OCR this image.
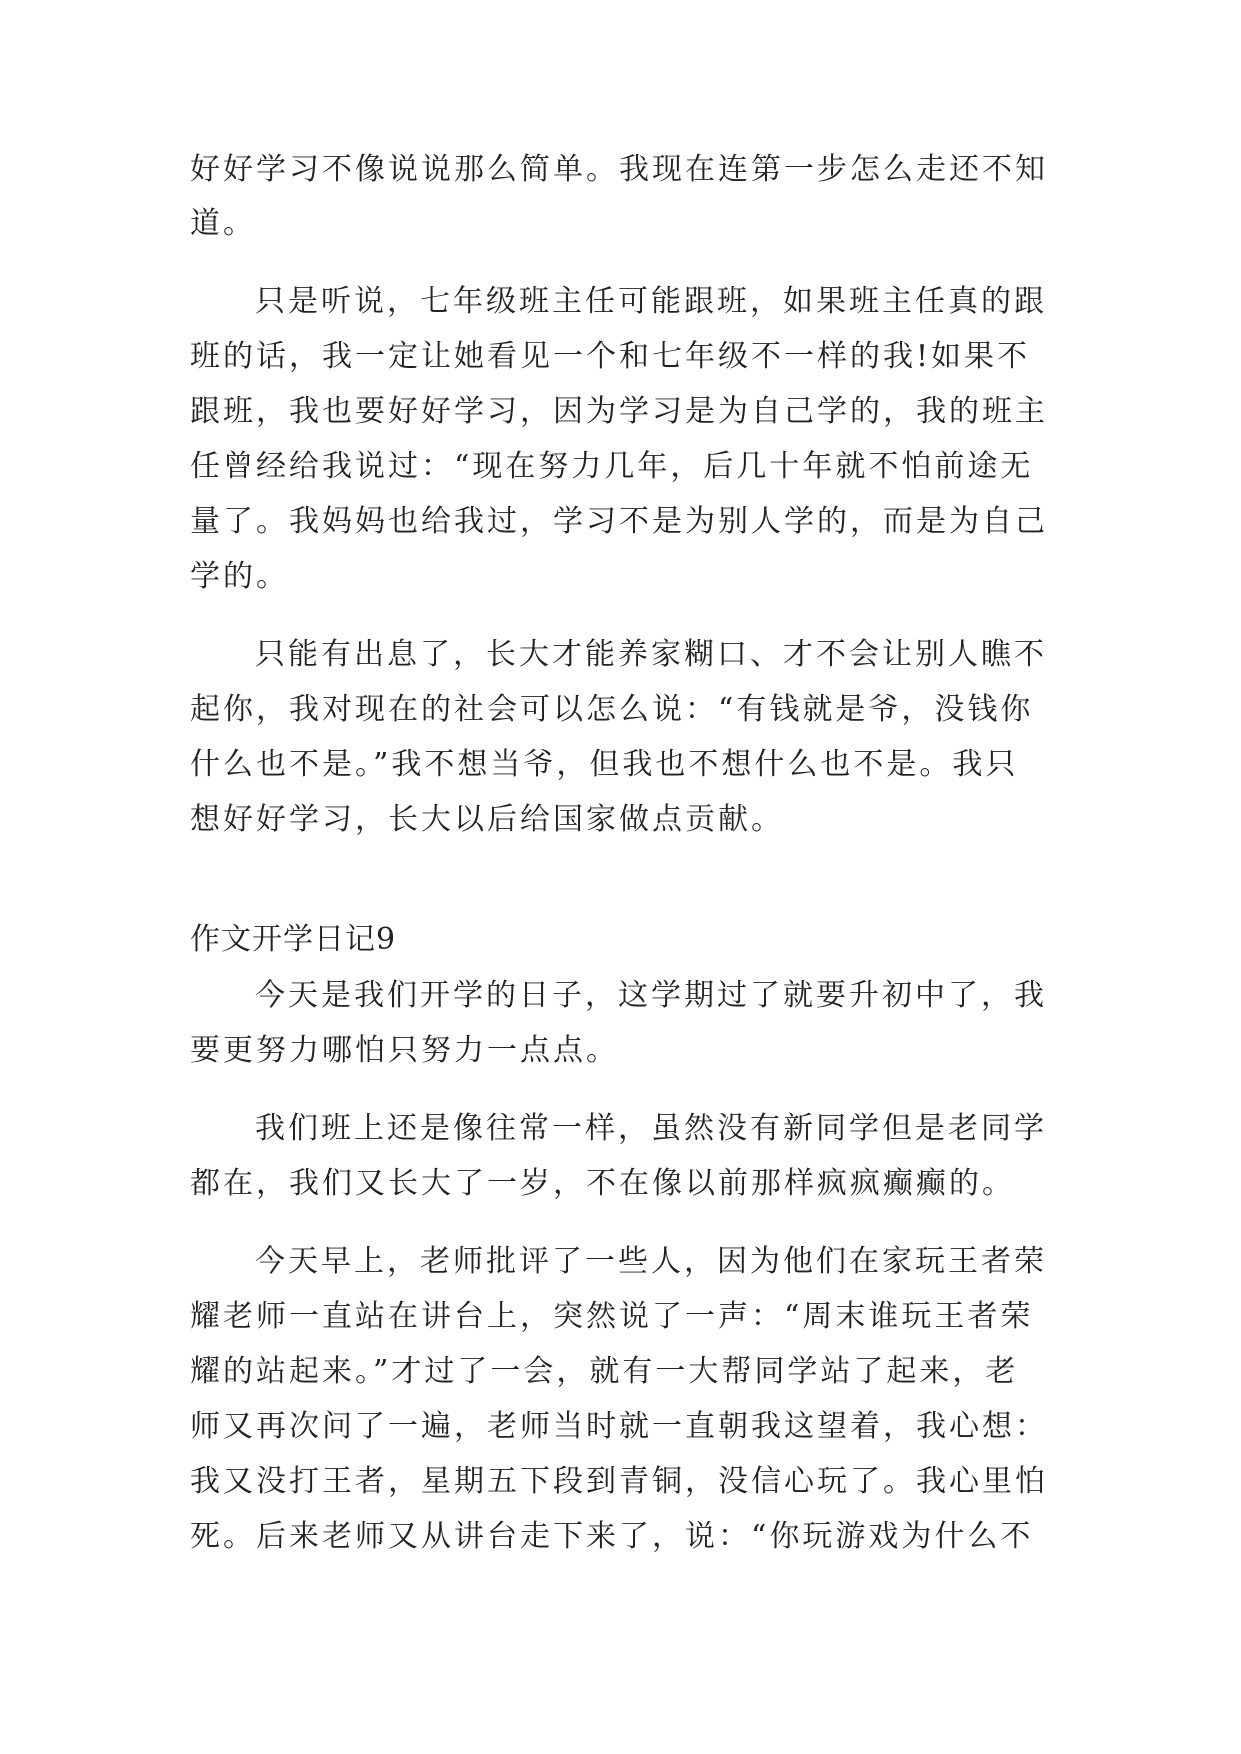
好好学习不像说说那么简单。我现在连第一步怎么走还不知
道。
只是听说，七年级班主任可能跟班，如果班主任真的跟
班的话，我一定让她看见一个和七年级不一样的我!如果不
跟班，我也要好好学习，因为学习是为自己学的，我的班主
任曾经给我说过：“现在努力几年，后几十年就不怕前途无
量了。我妈妈也给我过，学习不是为别人学的，而是为自己
学的。
只能有出息了，长大才能养家糊口、才不会让别人瞧不
起你，我对现在的社会可以怎么说：“有钱就是爷，没钱你
什么也不是。”我不想当爷，但我也不想什么也不是。我只
想好好学习，长大以后给国家做点贡献。
作文开学日记9
今天是我们开学的日子，这学期过了就要升初中了，我
要更努力哪怕只努力一点点。
我们班上还是像往常一样，虽然没有新同学但是老同学
都在，我们又长大了一岁，不在像以前那样疯疯癫癫的。
今天早上，老师批评了一些人，因为他们在家玩王者荣
耀老师一直站在讲台上，突然说了一声：“周末谁玩王者荣
耀的站起来。”才过了一会，就有一大帮同学站了起来，老
师又再次问了一遍，老师当时就一直朝我这望着，我心想：
我又没打王者，星期五下段到青铜，没信心玩了。我心里怕
死。后来老师又从讲台走下来了，说：“你玩游戏为什么不
